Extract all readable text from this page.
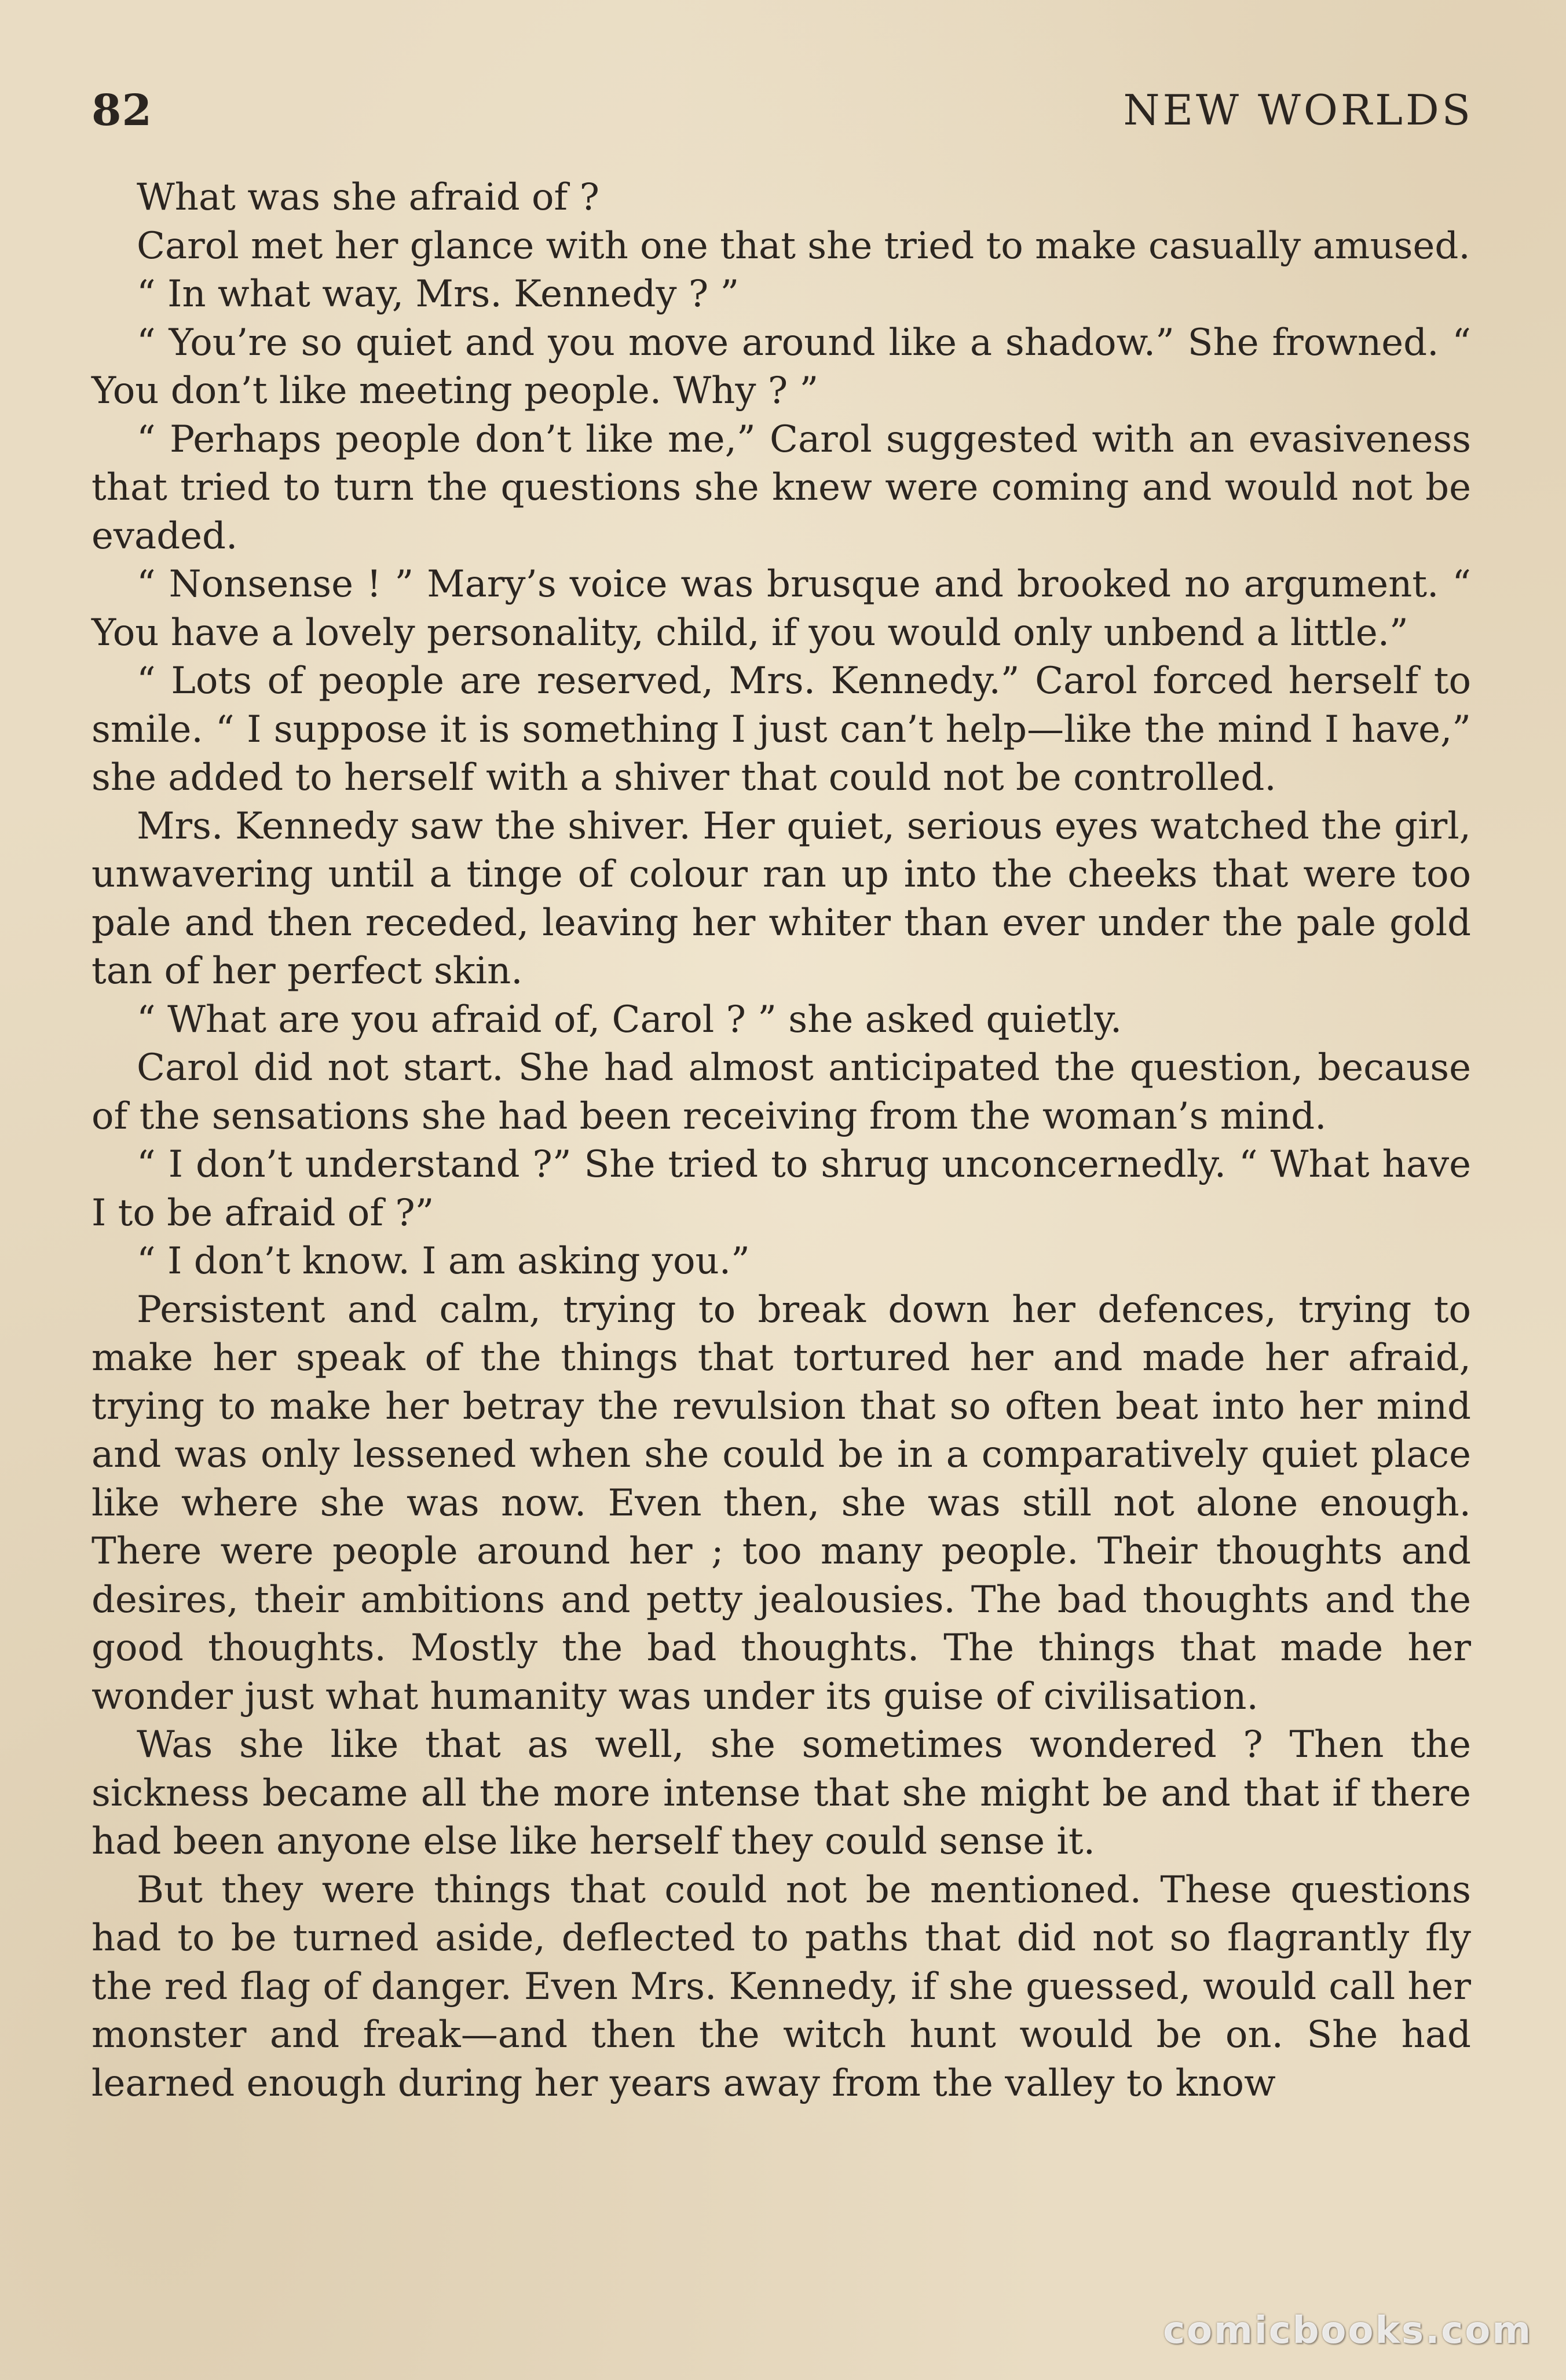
82	NEW WORLDS

What was she afraid of ?

Carol met her glance with one that she tried to make casually amused.

“ In what way, Mrs. Kennedy ? ”

“ You’re so quiet and you move around like a shadow.” She frowned. “ You don’t like meeting people. Why ? ”

“ Perhaps people don’t like me,” Carol suggested with an evasiveness that tried to turn the questions she knew were coming and would not be evaded.

“ Nonsense ! ” Mary’s voice was brusque and brooked no argument. “ You have a lovely personality, child, if you would only unbend a little.”

“ Lots of people are reserved, Mrs. Kennedy.” Carol forced herself to smile. “ I suppose it is something I just can’t help—like the mind I have,” she added to herself with a shiver that could not be controlled.

Mrs. Kennedy saw the shiver. Her quiet, serious eyes watched the girl, unwavering until a tinge of colour ran up into the cheeks that were too pale and then receded, leaving her whiter than ever under the pale gold tan of her perfect skin.

“ What are you afraid of, Carol ? ” she asked quietly.

Carol did not start. She had almost anticipated the question, because of the sensations she had been receiving from the woman’s mind.

“ I don’t understand ?” She tried to shrug unconcernedly. “ What have I to be afraid of ?”

“ I don’t know. I am asking you.”

Persistent and calm, trying to break down her defences, trying to make her speak of the things that tortured her and made her afraid, trying to make her betray the revulsion that so often beat into her mind and was only lessened when she could be in a comparatively quiet place like where she was now. Even then, she was still not alone enough. There were people around her ; too many people. Their thoughts and desires, their ambitions and petty jealousies. The bad thoughts and the good thoughts. Mostly the bad thoughts. The things that made her wonder just what humanity was under its guise of civilisation.

Was she like that as well, she sometimes wondered ? Then the sickness became all the more intense that she might be and that if there had been anyone else like herself they could sense it.

But they were things that could not be mentioned. These questions had to be turned aside, deflected to paths that did not so flagrantly fly the red flag of danger. Even Mrs. Kennedy, if she guessed, would call her monster and freak—and then the witch hunt would be on. She had learned enough during her years away from the valley to know

comicbooks.com
